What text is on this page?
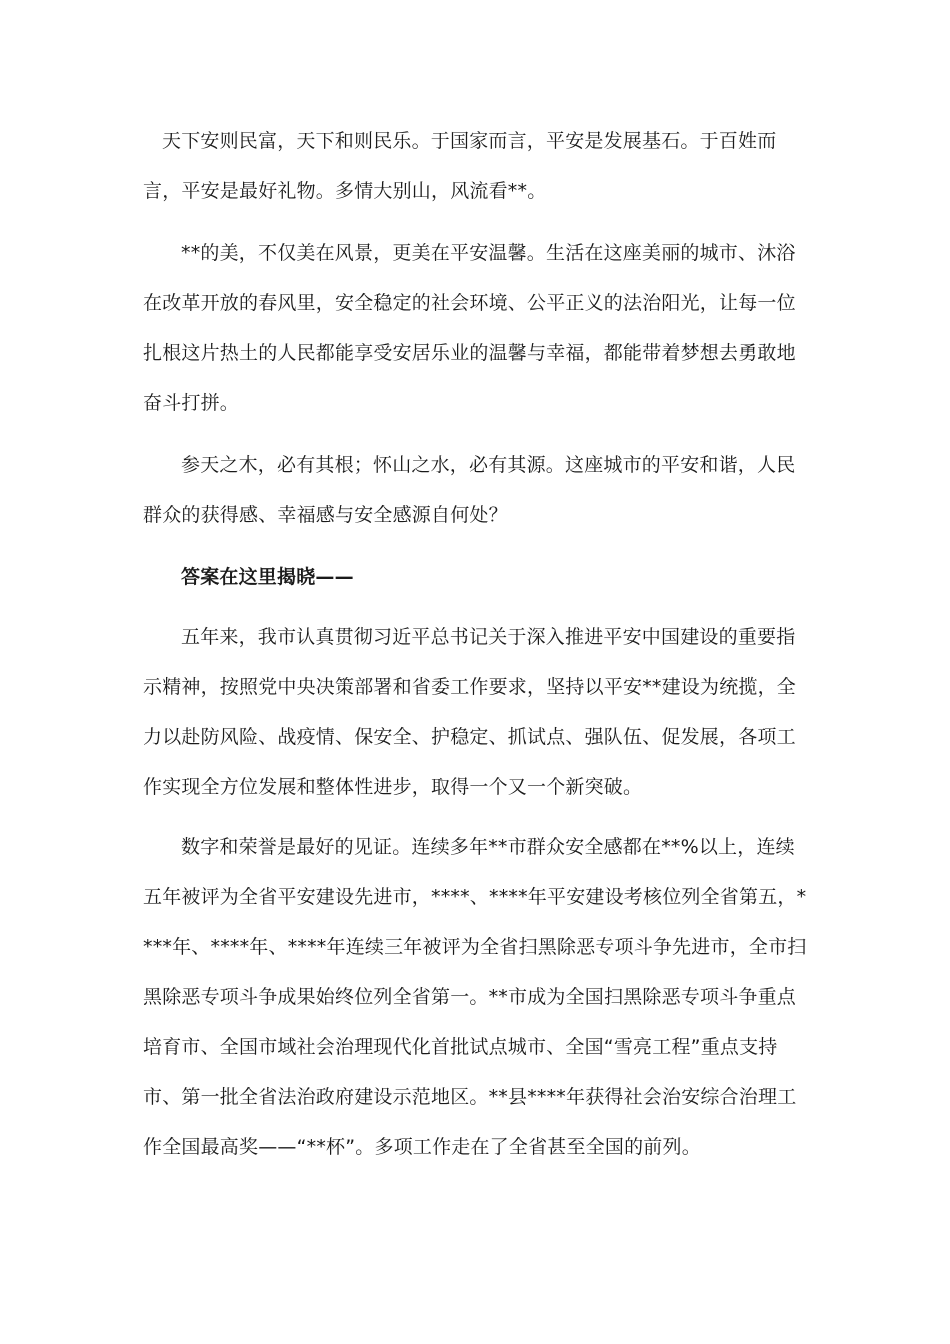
天下安则民富，天下和则民乐。于国家而言，平安是发展基石。于百姓而言，平安是最好礼物。多情大别山，风流看**。

**的美，不仅美在风景，更美在平安温馨。生活在这座美丽的城市、沐浴在改革开放的春风里，安全稳定的社会环境、公平正义的法治阳光，让每一位扎根这片热土的人民都能享受安居乐业的温馨与幸福，都能带着梦想去勇敢地奋斗打拼。

参天之木，必有其根；怀山之水，必有其源。这座城市的平安和谐，人民群众的获得感、幸福感与安全感源自何处？

答案在这里揭晓——

五年来，我市认真贯彻习近平总书记关于深入推进平安中国建设的重要指示精神，按照党中央决策部署和省委工作要求，坚持以平安**建设为统揽，全力以赴防风险、战疫情、保安全、护稳定、抓试点、强队伍、促发展，各项工作实现全方位发展和整体性进步，取得一个又一个新突破。

数字和荣誉是最好的见证。连续多年**市群众安全感都在**%以上，连续五年被评为全省平安建设先进市，****、****年平安建设考核位列全省第五，****年、****年、****年连续三年被评为全省扫黑除恶专项斗争先进市，全市扫黑除恶专项斗争成果始终位列全省第一。**市成为全国扫黑除恶专项斗争重点培育市、全国市域社会治理现代化首批试点城市、全国“雪亮工程”重点支持市、第一批全省法治政府建设示范地区。**县****年获得社会治安综合治理工作全国最高奖——“**杯”。多项工作走在了全省甚至全国的前列。
